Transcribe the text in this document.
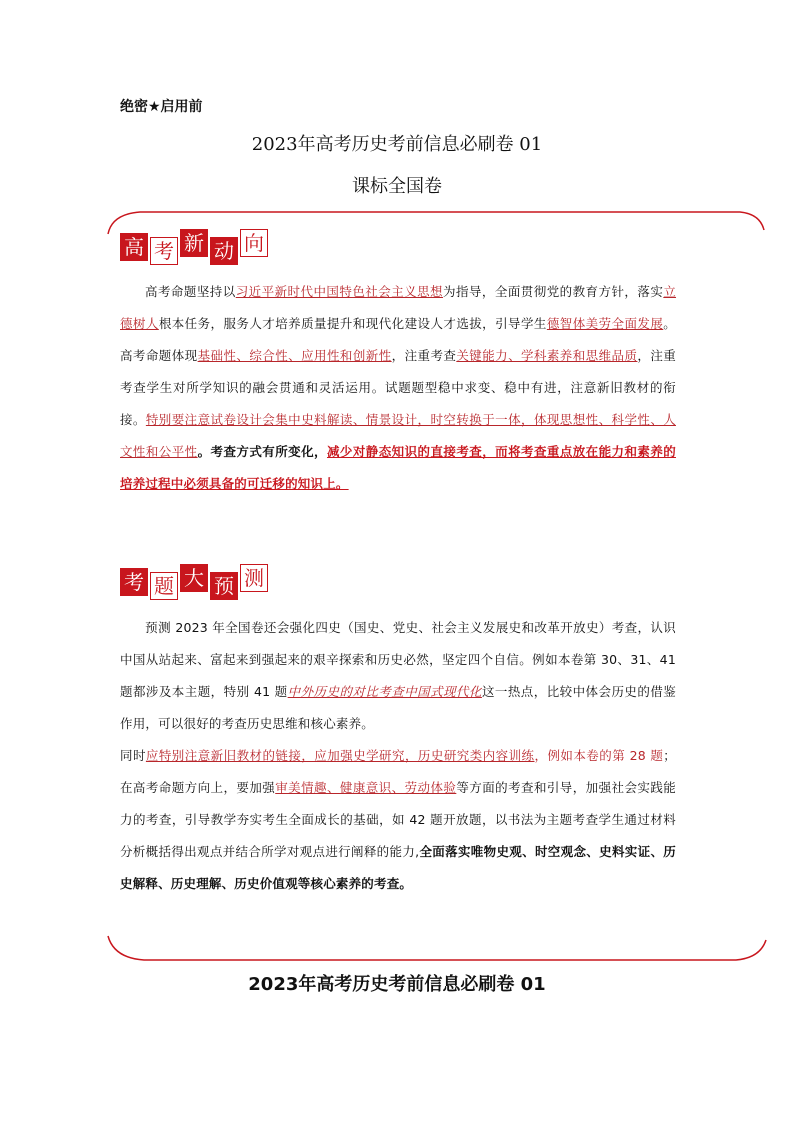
绝密★启用前
2023年高考历史考前信息必刷卷 01
课标全国卷
高 考 新 动 向
高考命题坚持以习近平新时代中国特色社会主义思想为指导，全面贯彻党的教育方针，落实立德树人根本任务，服务人才培养质量提升和现代化建设人才选拔，引导学生德智体美劳全面发展。高考命题体现基础性、综合性、应用性和创新性，注重考查关键能力、学科素养和思维品质，注重考查学生对所学知识的融会贯通和灵活运用。试题题型稳中求变、稳中有进，注意新旧教材的衔接。特别要注意试卷设计会集中史料解读、情景设计，时空转换于一体，体现思想性、科学性、人文性和公平性。考查方式有所变化，减少对静态知识的直接考查，而将考查重点放在能力和素养的培养过程中必须具备的可迁移的知识上。
考 题 大 预 测
预测 2023 年全国卷还会强化四史（国史、党史、社会主义发展史和改革开放史）考查，认识中国从站起来、富起来到强起来的艰辛探索和历史必然，坚定四个自信。例如本卷第 30、31、41 题都涉及本主题，特别 41 题中外历史的对比考查中国式现代化这一热点，比较中体会历史的借鉴作用，可以很好的考查历史思维和核心素养。
同时应特别注意新旧教材的链接，应加强史学研究，历史研究类内容训练，例如本卷的第 28 题；在高考命题方向上，要加强审美情趣、健康意识、劳动体验等方面的考查和引导，加强社会实践能力的考查，引导教学夯实考生全面成长的基础，如 42 题开放题，以书法为主题考查学生通过材料分析概括得出观点并结合所学对观点进行阐释的能力,全面落实唯物史观、时空观念、史料实证、历史解释、历史理解、历史价值观等核心素养的考查。
2023年高考历史考前信息必刷卷 01
